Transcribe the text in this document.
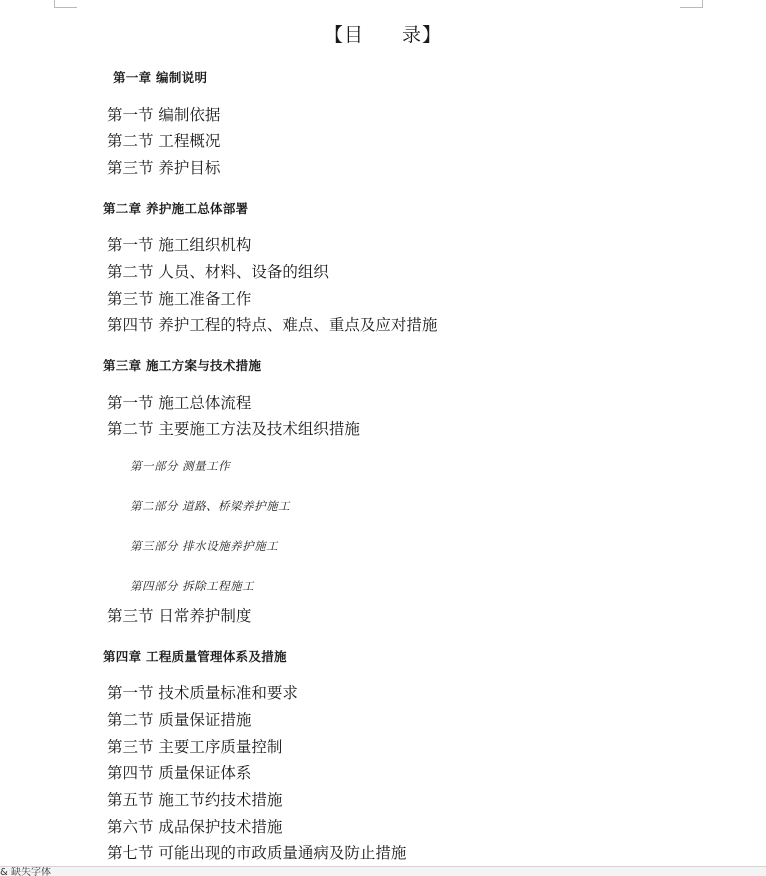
【目 录】
第一章 编制说明
第一节 编制依据
第二节 工程概况
第三节 养护目标
第二章 养护施工总体部署
第一节 施工组织机构
第二节 人员、材料、设备的组织
第三节 施工准备工作
第四节 养护工程的特点、难点、重点及应对措施
第三章 施工方案与技术措施
第一节 施工总体流程
第二节 主要施工方法及技术组织措施
第一部分 测量工作
第二部分 道路、桥梁养护施工
第三部分 排水设施养护施工
第四部分 拆除工程施工
第三节 日常养护制度
第四章 工程质量管理体系及措施
第一节 技术质量标准和要求
第二节 质量保证措施
第三节 主要工序质量控制
第四节 质量保证体系
第五节 施工节约技术措施
第六节 成品保护技术措施
第七节 可能出现的市政质量通病及防止措施
& 缺失字体
